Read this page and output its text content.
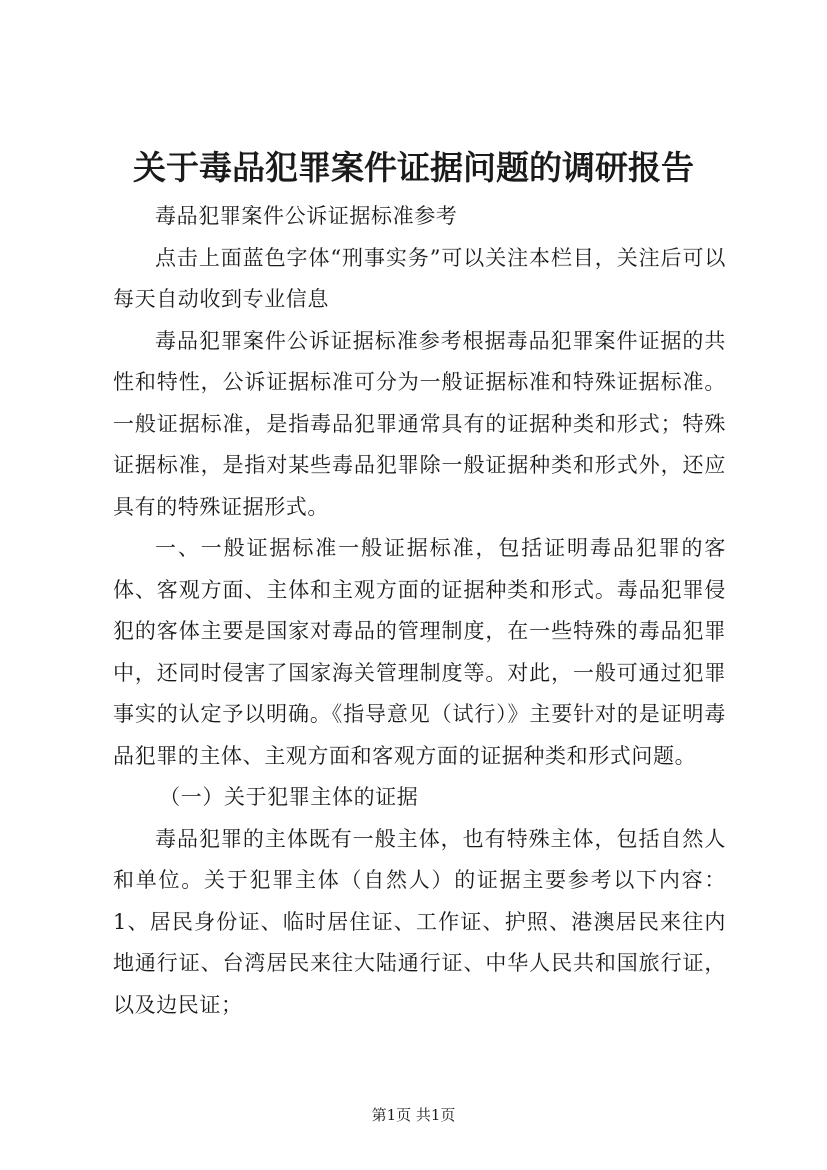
关于毒品犯罪案件证据问题的调研报告

毒品犯罪案件公诉证据标准参考

点击上面蓝色字体“刑事实务”可以关注本栏目，关注后可以每天自动收到专业信息

毒品犯罪案件公诉证据标准参考根据毒品犯罪案件证据的共性和特性，公诉证据标准可分为一般证据标准和特殊证据标准。一般证据标准，是指毒品犯罪通常具有的证据种类和形式；特殊证据标准，是指对某些毒品犯罪除一般证据种类和形式外，还应具有的特殊证据形式。

一、一般证据标准一般证据标准，包括证明毒品犯罪的客体、客观方面、主体和主观方面的证据种类和形式。毒品犯罪侵犯的客体主要是国家对毒品的管理制度，在一些特殊的毒品犯罪中，还同时侵害了国家海关管理制度等。对此，一般可通过犯罪事实的认定予以明确。《指导意见（试行）》主要针对的是证明毒品犯罪的主体、主观方面和客观方面的证据种类和形式问题。

（一）关于犯罪主体的证据

毒品犯罪的主体既有一般主体，也有特殊主体，包括自然人和单位。关于犯罪主体（自然人）的证据主要参考以下内容：1、居民身份证、临时居住证、工作证、护照、港澳居民来往内地通行证、台湾居民来往大陆通行证、中华人民共和国旅行证，以及边民证；

第1页 共1页
